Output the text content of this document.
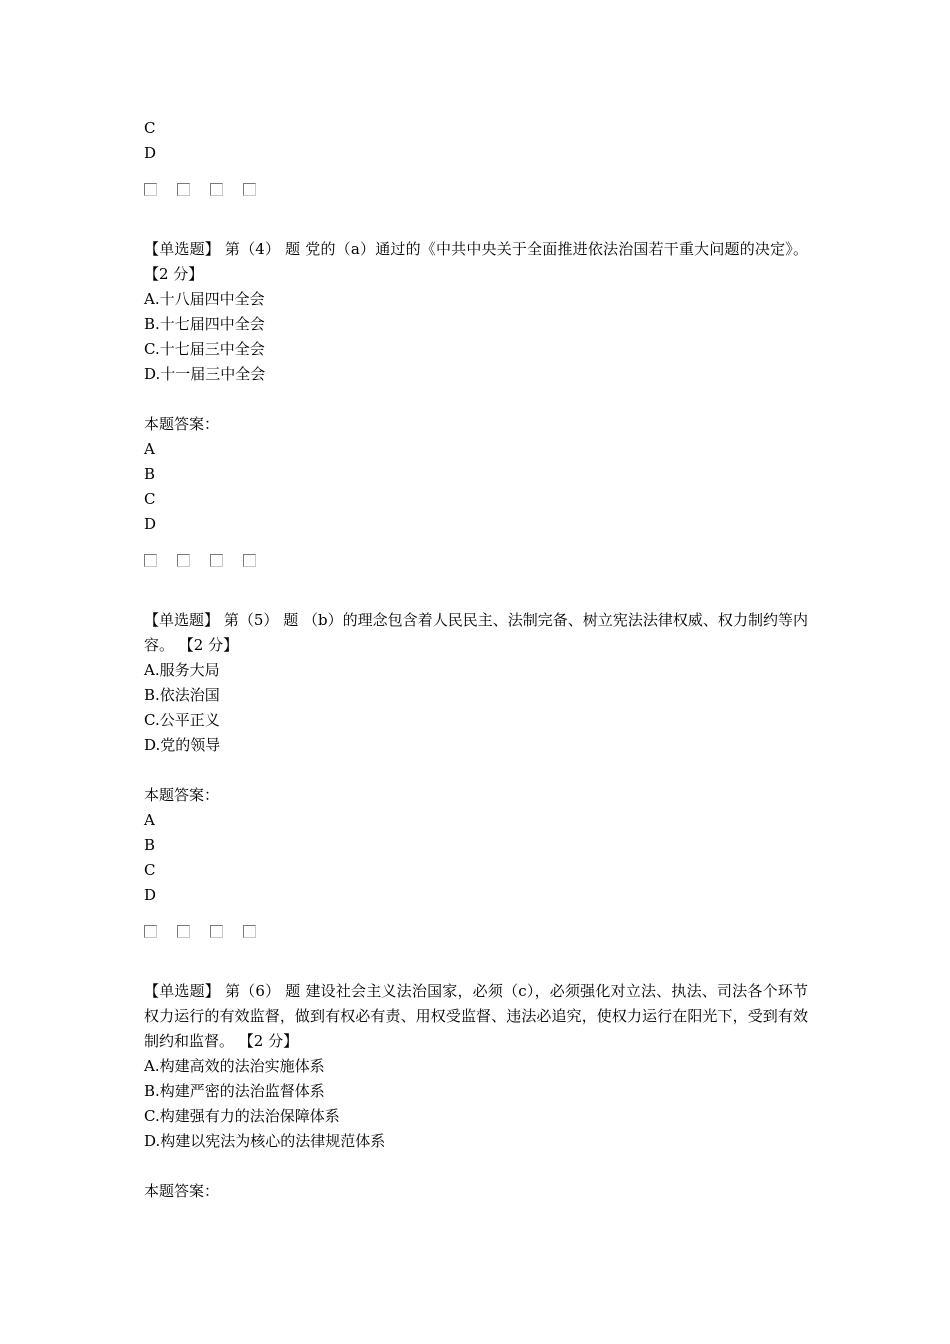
C
D

【单选题】 第（4） 题 党的（a）通过的《中共中央关于全面推进依法治国若干重大问题的决定》。 【2 分】

A.十八届四中全会
B.十七届四中全会
C.十七届三中全会
D.十一届三中全会
本题答案：
A
B
C
D

【单选题】 第（5） 题 （b）的理念包含着人民民主、法制完备、树立宪法法律权威、权力制约等内容。 【2 分】

A.服务大局
B.依法治国
C.公平正义
D.党的领导
本题答案：
A
B
C
D

【单选题】 第（6） 题 建设社会主义法治国家，必须（c），必须强化对立法、执法、司法各个环节权力运行的有效监督，做到有权必有责、用权受监督、违法必追究，使权力运行在阳光下，受到有效制约和监督。 【2 分】

A.构建高效的法治实施体系
B.构建严密的法治监督体系
C.构建强有力的法治保障体系
D.构建以宪法为核心的法律规范体系
本题答案：
